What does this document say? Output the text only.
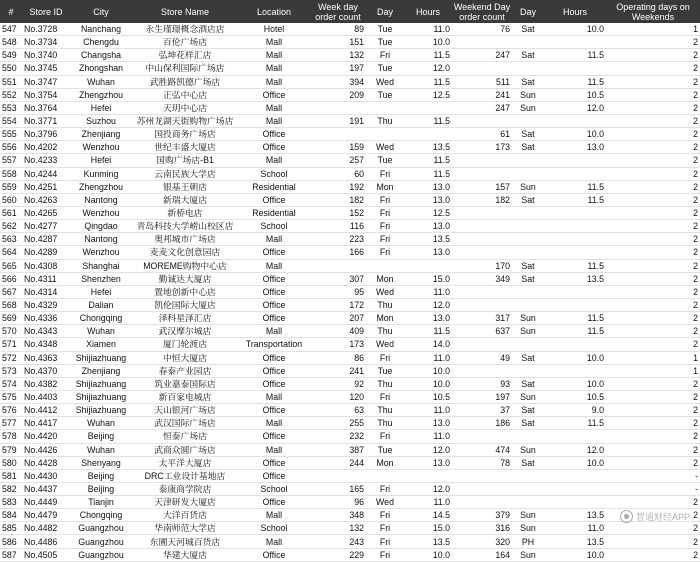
#	Store ID	City	Store Name	Location	Week day order count	Day	Hours	Weekend Day order count	Day	Hours	Operating days on Weekends
547	No.3728	Nanchang	永生瑾璟概念酒店店	Hotel	89	Tue	11.0	76	Sat	10.0	1
548	No.3734	Chengdu	百伦广场店	Mall	151	Tue	10.0				2
549	No.3740	Changsha	弘坤花样汇店	Mall	132	Fri	11.5	247	Sat	11.5	2
550	No.3745	Zhongshan	中山保利国际广场店	Mall	197	Tue	12.0				2
551	No.3747	Wuhan	武胜路凯德广场店	Mall	394	Wed	11.5	511	Sat	11.5	2
552	No.3754	Zhengzhou	正弘中心店	Office	209	Tue	12.5	241	Sun	10.5	2
553	No.3764	Hefei	天玥中心店	Mall				247	Sun	12.0	2
554	No.3771	Suzhou	苏州龙湖天街购物广场店	Mall	191	Thu	11.5				2
555	No.3796	Zhenjiang	国投商务广场店	Office				61	Sat	10.0	2
556	No.4202	Wenzhou	世纪丰盛大厦店	Office	159	Wed	13.5	173	Sat	13.0	2
557	No.4233	Hefei	国购广场店-B1	Mall	257	Tue	11.5				2
558	No.4244	Kunming	云南民族大学店	School	60	Fri	11.5				2
559	No.4251	Zhengzhou	银基王朝店	Residential	192	Mon	13.0	157	Sun	11.5	2
560	No.4263	Nantong	新瑞大厦店	Office	182	Fri	13.0	182	Sat	11.5	2
561	No.4265	Wenzhou	新桥电店	Residential	152	Fri	12.5				2
562	No.4277	Qingdao	青岛科技大学崂山校区店	School	116	Fri	13.0				2
563	No.4287	Nantong	奥邦城市广场店	Mall	223	Fri	13.5				2
564	No.4289	Wenzhou	麦麦文化创意园店	Office	166	Fri	13.0				2
565	No.4308	Shanghai	MOREME购物中心店	Mall				170	Sat	11.5	2
566	No.4311	Shenzhen	勤诚达大厦店	Office	307	Mon	15.0	349	Sat	13.5	2
567	No.4314	Hefei	置地创新中心店	Office	95	Wed	11.0				2
568	No.4329	Dalian	凯伦国际大厦店	Office	172	Thu	12.0				2
569	No.4336	Chongqing	泽科星泽汇店	Office	207	Mon	13.0	317	Sun	11.5	2
570	No.4343	Wuhan	武汉摩尔城店	Mall	409	Thu	11.5	637	Sun	11.5	2
571	No.4348	Xiamen	厦门轮渡店	Transportation	173	Wed	14.0				2
572	No.4363	Shijiazhuang	中恒大厦店	Office	86	Fri	11.0	49	Sat	10.0	1
573	No.4370	Zhenjiang	春泰产业园店	Office	241	Tue	10.0				1
574	No.4382	Shijiazhuang	筑业嘉泰国际店	Office	92	Thu	10.0	93	Sat	10.0	2
575	No.4403	Shijiazhuang	新百家电城店	Mall	120	Fri	10.5	197	Sun	10.5	2
576	No.4412	Shijiazhuang	天山银河广场店	Office	63	Thu	11.0	37	Sat	9.0	2
577	No.4417	Wuhan	武汉国际广场店	Mall	255	Thu	13.0	186	Sat	11.5	2
578	No.4420	Beijing	恒泰广场店	Office	232	Fri	11.0				2
579	No.4426	Wuhan	武商众圆广场店	Mall	387	Tue	12.0	474	Sun	12.0	2
580	No.4428	Shenyang	太平洋大厦店	Office	244	Mon	13.0	78	Sat	10.0	2
581	No.4430	Beijing	DRC工业设计基地店	Office							-
582	No.4437	Beijing	泰康商学院店	School	165	Fri	12.0				-
583	No.4449	Tianjin	天津研发大厦店	Office	96	Wed	11.0				2
584	No.4479	Chongqing	大洋百货店	Mall	348	Fri	14.5	379	Sun	13.5	2
585	No.4482	Guangzhou	华南师范大学店	School	132	Fri	15.0	316	Sun	11.0	2
586	No.4486	Guangzhou	东圃天河城百货店	Mall	243	Fri	13.5	320	PH	13.5	2
587	No.4505	Guangzhou	华建大厦店	Office	229	Fri	10.0	164	Sun	10.0	2
智通财经APP
